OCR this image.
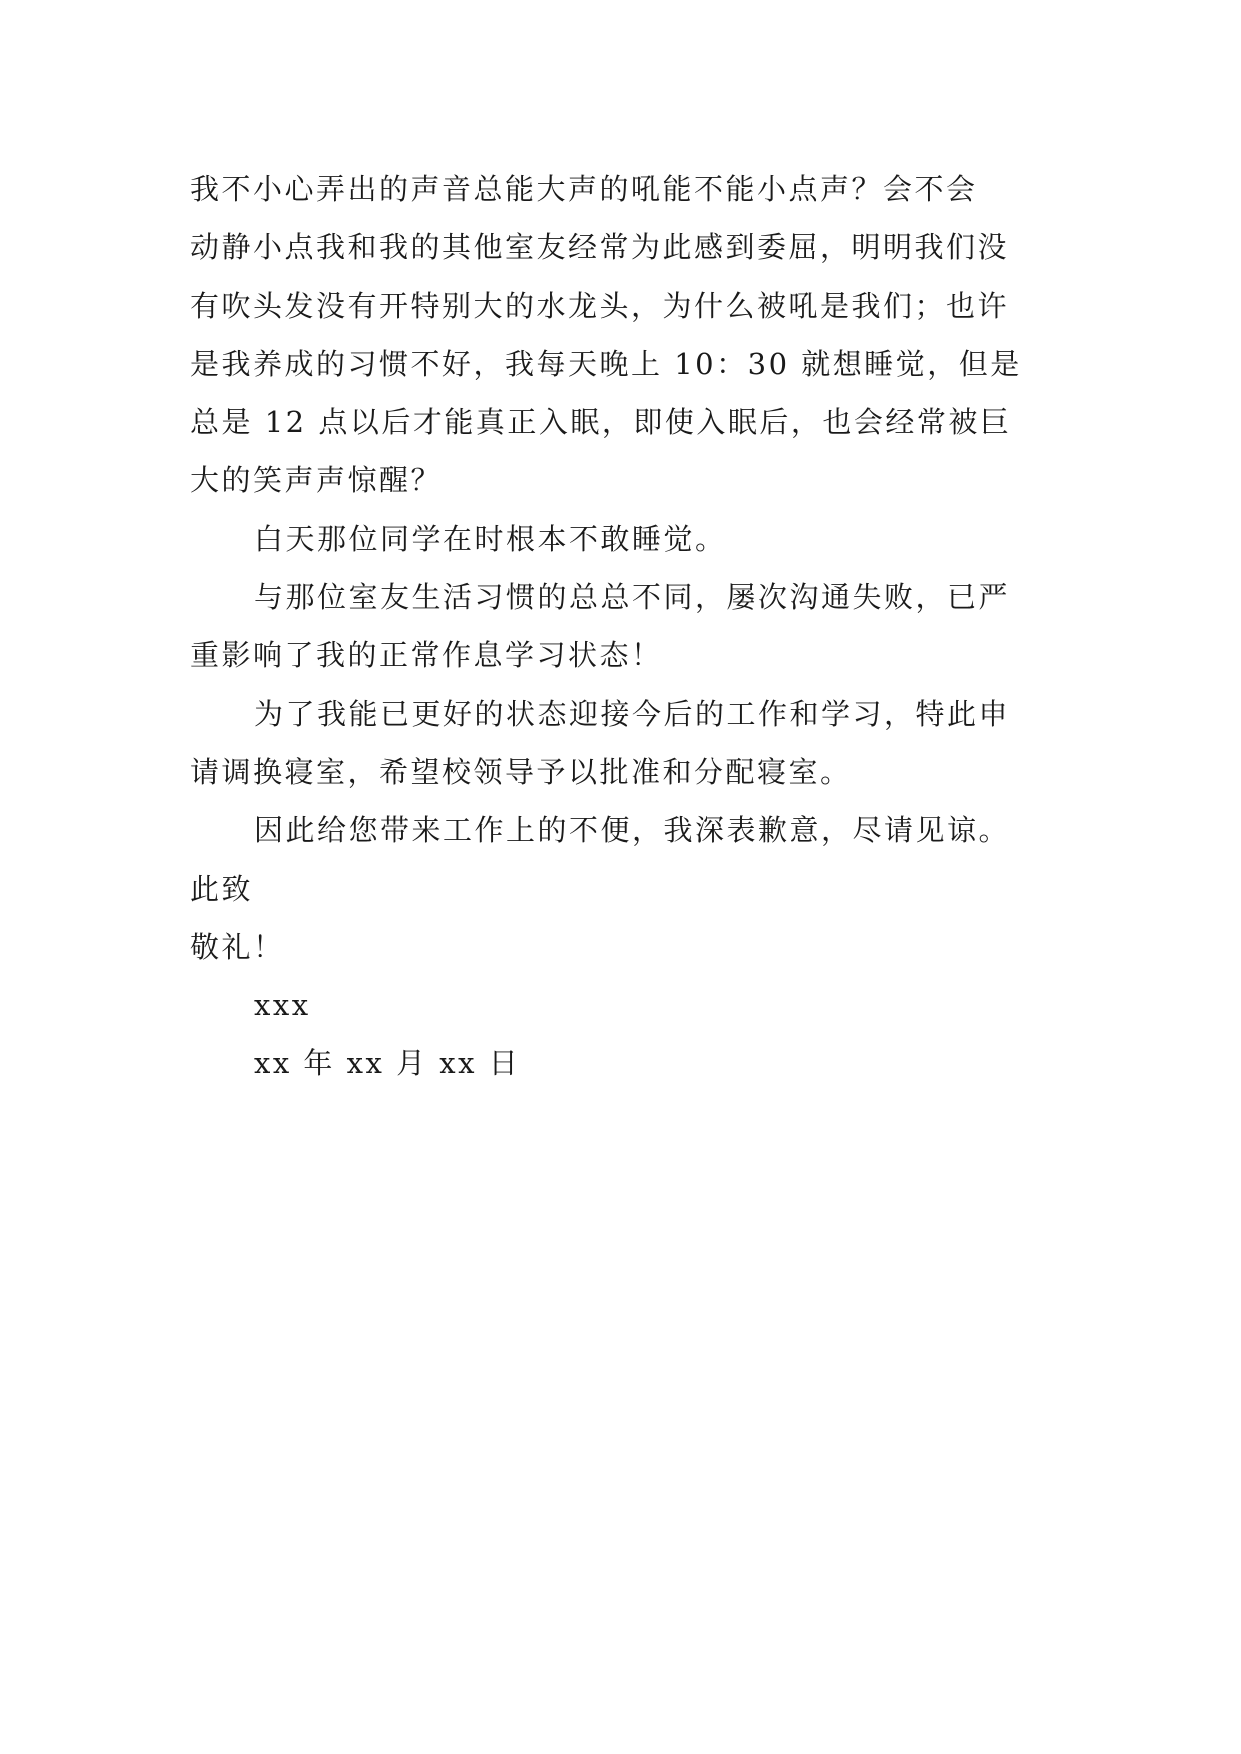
我不小心弄出的声音总能大声的吼能不能小点声？会不会
动静小点我和我的其他室友经常为此感到委屈，明明我们没
有吹头发没有开特别大的水龙头，为什么被吼是我们；也许
是我养成的习惯不好，我每天晚上 10：30 就想睡觉，但是
总是 12 点以后才能真正入眠，即使入眠后，也会经常被巨
大的笑声声惊醒？
白天那位同学在时根本不敢睡觉。
与那位室友生活习惯的总总不同，屡次沟通失败，已严
重影响了我的正常作息学习状态！
为了我能已更好的状态迎接今后的工作和学习，特此申
请调换寝室，希望校领导予以批准和分配寝室。
因此给您带来工作上的不便，我深表歉意，尽请见谅。
此致
敬礼！
xxx
xx 年 xx 月 xx 日
